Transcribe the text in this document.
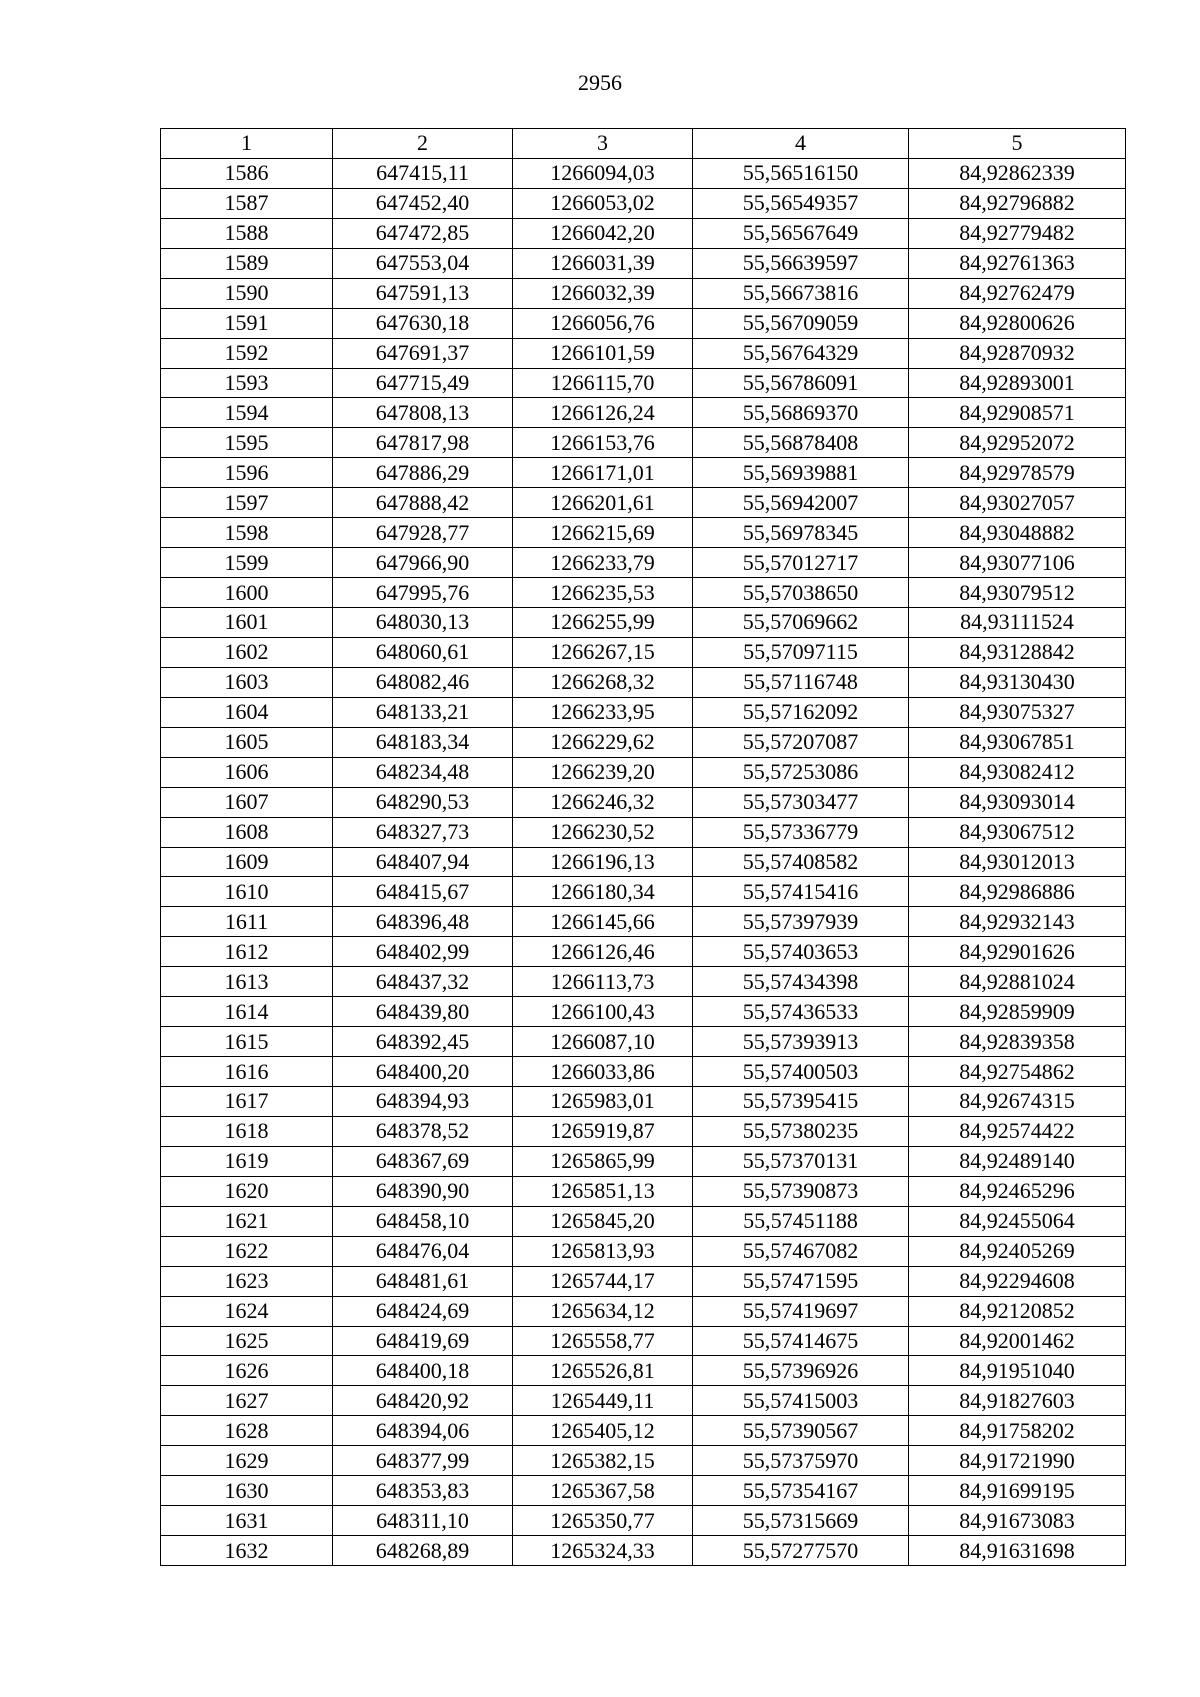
2956
1	2	3	4	5
1586	647415,11	1266094,03	55,56516150	84,92862339
1587	647452,40	1266053,02	55,56549357	84,92796882
1588	647472,85	1266042,20	55,56567649	84,92779482
1589	647553,04	1266031,39	55,56639597	84,92761363
1590	647591,13	1266032,39	55,56673816	84,92762479
1591	647630,18	1266056,76	55,56709059	84,92800626
1592	647691,37	1266101,59	55,56764329	84,92870932
1593	647715,49	1266115,70	55,56786091	84,92893001
1594	647808,13	1266126,24	55,56869370	84,92908571
1595	647817,98	1266153,76	55,56878408	84,92952072
1596	647886,29	1266171,01	55,56939881	84,92978579
1597	647888,42	1266201,61	55,56942007	84,93027057
1598	647928,77	1266215,69	55,56978345	84,93048882
1599	647966,90	1266233,79	55,57012717	84,93077106
1600	647995,76	1266235,53	55,57038650	84,93079512
1601	648030,13	1266255,99	55,57069662	84,93111524
1602	648060,61	1266267,15	55,57097115	84,93128842
1603	648082,46	1266268,32	55,57116748	84,93130430
1604	648133,21	1266233,95	55,57162092	84,93075327
1605	648183,34	1266229,62	55,57207087	84,93067851
1606	648234,48	1266239,20	55,57253086	84,93082412
1607	648290,53	1266246,32	55,57303477	84,93093014
1608	648327,73	1266230,52	55,57336779	84,93067512
1609	648407,94	1266196,13	55,57408582	84,93012013
1610	648415,67	1266180,34	55,57415416	84,92986886
1611	648396,48	1266145,66	55,57397939	84,92932143
1612	648402,99	1266126,46	55,57403653	84,92901626
1613	648437,32	1266113,73	55,57434398	84,92881024
1614	648439,80	1266100,43	55,57436533	84,92859909
1615	648392,45	1266087,10	55,57393913	84,92839358
1616	648400,20	1266033,86	55,57400503	84,92754862
1617	648394,93	1265983,01	55,57395415	84,92674315
1618	648378,52	1265919,87	55,57380235	84,92574422
1619	648367,69	1265865,99	55,57370131	84,92489140
1620	648390,90	1265851,13	55,57390873	84,92465296
1621	648458,10	1265845,20	55,57451188	84,92455064
1622	648476,04	1265813,93	55,57467082	84,92405269
1623	648481,61	1265744,17	55,57471595	84,92294608
1624	648424,69	1265634,12	55,57419697	84,92120852
1625	648419,69	1265558,77	55,57414675	84,92001462
1626	648400,18	1265526,81	55,57396926	84,91951040
1627	648420,92	1265449,11	55,57415003	84,91827603
1628	648394,06	1265405,12	55,57390567	84,91758202
1629	648377,99	1265382,15	55,57375970	84,91721990
1630	648353,83	1265367,58	55,57354167	84,91699195
1631	648311,10	1265350,77	55,57315669	84,91673083
1632	648268,89	1265324,33	55,57277570	84,91631698
